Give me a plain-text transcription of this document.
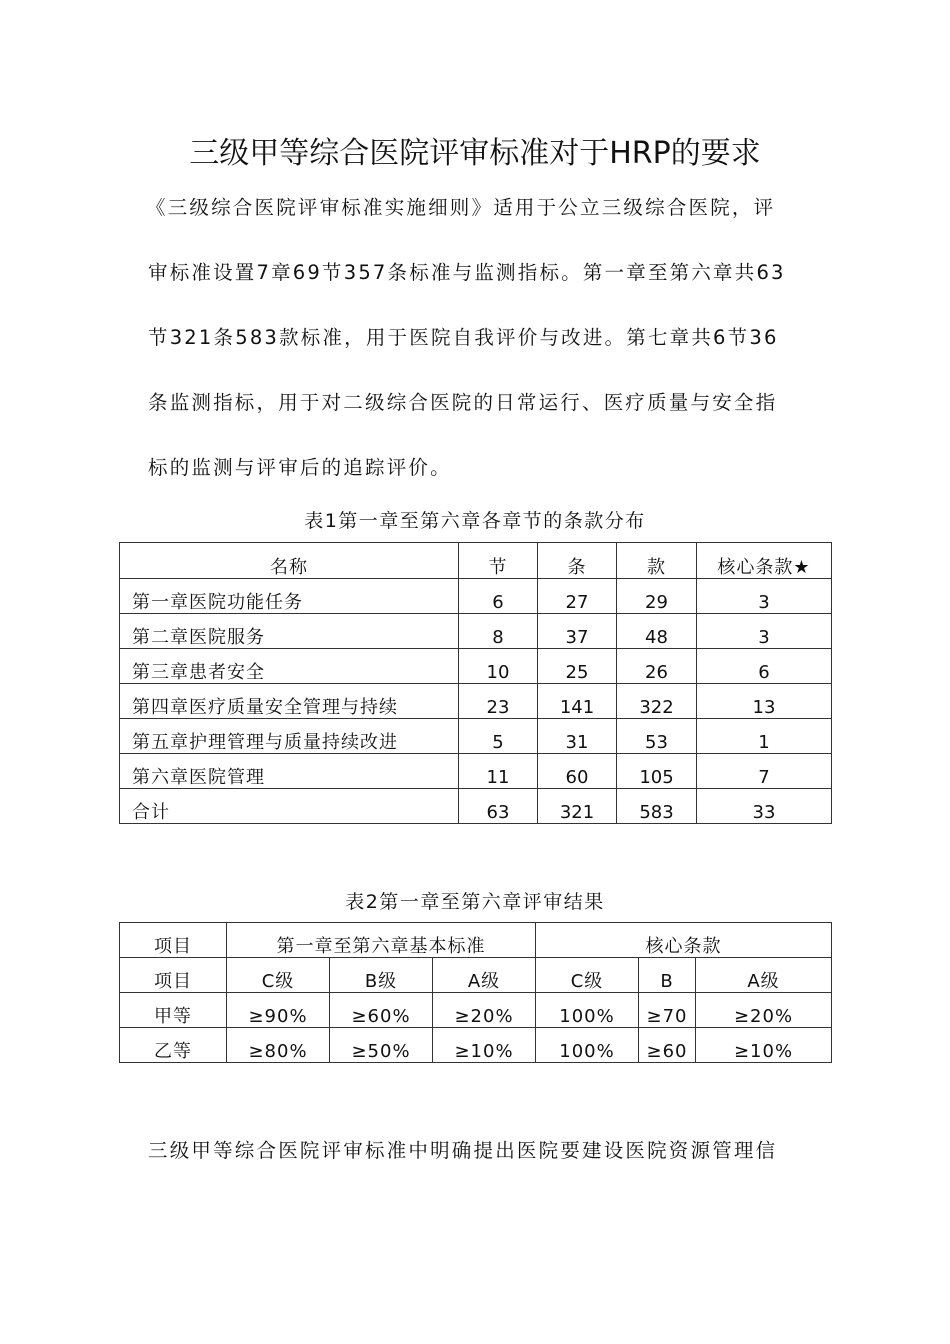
三级甲等综合医院评审标准对于HRP的要求
《三级综合医院评审标准实施细则》适用于公立三级综合医院，评
审标准设置7章69节357条标准与监测指标。第一章至第六章共63
节321条583款标准，用于医院自我评价与改进。第七章共6节36
条监测指标，用于对二级综合医院的日常运行、医疗质量与安全指
标的监测与评审后的追踪评价。
表1第一章至第六章各章节的条款分布
名称	节	条	款	核心条款★
第一章医院功能任务	6	27	29	3
第二章医院服务	8	37	48	3
第三章患者安全	10	25	26	6
第四章医疗质量安全管理与持续	23	141	322	13
第五章护理管理与质量持续改进	5	31	53	1
第六章医院管理	11	60	105	7
合计	63	321	583	33
表2第一章至第六章评审结果
项目	第一章至第六章基本标准			核心条款		
项目	C级	B级	A级	C级	B	A级
甲等	≥90%	≥60%	≥20%	100%	≥70	≥20%
乙等	≥80%	≥50%	≥10%	100%	≥60	≥10%
三级甲等综合医院评审标准中明确提出医院要建设医院资源管理信
